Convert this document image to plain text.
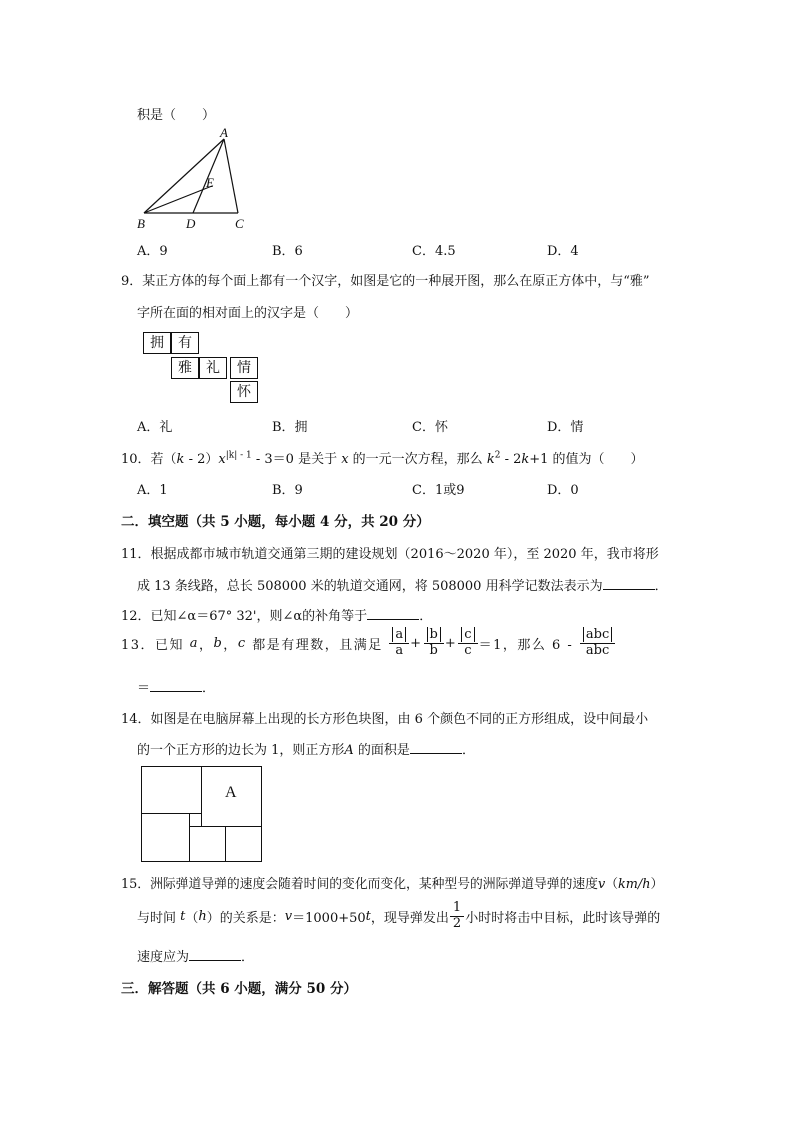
积是（　　）
A
E
B	D	C
A．9	B．6	C．4.5	D．4
9．某正方体的每个面上都有一个汉字，如图是它的一种展开图，那么在原正方体中，与“雅”
字所在面的相对面上的汉字是（　　）
拥	有
雅	礼	情
怀
A．礼	B．拥	C．怀	D．情
10．若$(k - 2)x^{|k| - 1} - 3=0$ 是关于 x 的一元一次方程，那么 $k^2 - 2k+1$ 的值为（　　）
A．1	B．9	C．1或9	D．0
二．填空题（共 5 小题，每小题 4 分，共 20 分）
11．根据成都市城市轨道交通第三期的建设规划（2016～2020 年），至 2020 年，我市将形
成 13 条线路，总长 508000 米的轨道交通网，将 508000 用科学记数法表示为	．
12．已知∠α＝67° 32'，则∠α的补角等于	．
13．已知 a，b，c 都是有理数，且满足 $\frac{a}{a} + \frac{b}{b} + \frac{c}{c} =1$，那么 $6 - \frac{\text{abc}}{\text{abc}}$
＝	．
14．如图是在电脑屏幕上出现的长方形色块图，由 6 个颜色不同的正方形组成，设中间最小
的一个正方形的边长为 1，则正方形A 的面积是	．
A
15．洲际弹道导弹的速度会随着时间的变化而变化，某种型号的洲际弹道导弹的速度v（km/h）
与时间 t（h）的关系是：v＝1000+50t，现导弹发出 $\frac{1}{2}$ 小时时将击中目标，此时该导弹的
速度应为	．
三．解答题（共 6 小题，满分 50 分）
